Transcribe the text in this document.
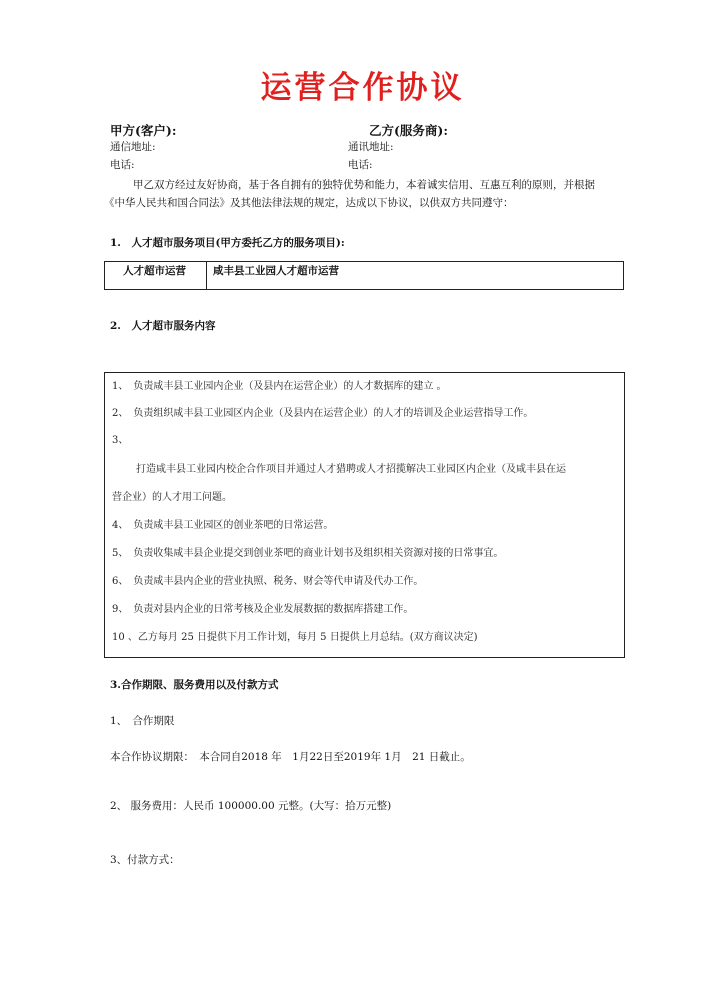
运营合作协议
甲方(客户):	乙方(服务商):
通信地址:	通讯地址:
电话:	电话:
甲乙双方经过友好协商，基于各自拥有的独特优势和能力，本着诚实信用、互惠互利的原则，并根据
《中华人民共和国合同法》及其他法律法规的规定，达成以下协议，以供双方共同遵守：
1.　人才超市服务项目(甲方委托乙方的服务项目):
人才超市运营	咸丰县工业园人才超市运营
2.　人才超市服务内容
1、　负责咸丰县工业园内企业（及县内在运营企业）的人才数据库的建立 。
2、　负责组织咸丰县工业园区内企业（及县内在运营企业）的人才的培训及企业运营指导工作。
3、
打造咸丰县工业园内校企合作项目并通过人才猎聘或人才招揽解决工业园区内企业（及咸丰县在运
营企业）的人才用工问题。
4、　负责咸丰县工业园区的创业茶吧的日常运营。
5、　负责收集咸丰县企业提交到创业茶吧的商业计划书及组织相关资源对接的日常事宜。
6、　负责咸丰县内企业的营业执照、税务、财会等代申请及代办工作。
9、　负责对县内企业的日常考核及企业发展数据的数据库搭建工作。
10 、乙方每月 25 日提供下月工作计划，每月 5 日提供上月总结。(双方商议决定)
3.合作期限、服务费用以及付款方式
1、　合作期限
本合作协议期限：　本合同自2018 年　1月22日至2019年 1月　21 日截止。
2、 服务费用：人民币 100000.00 元整。(大写：拾万元整)
3、付款方式：
